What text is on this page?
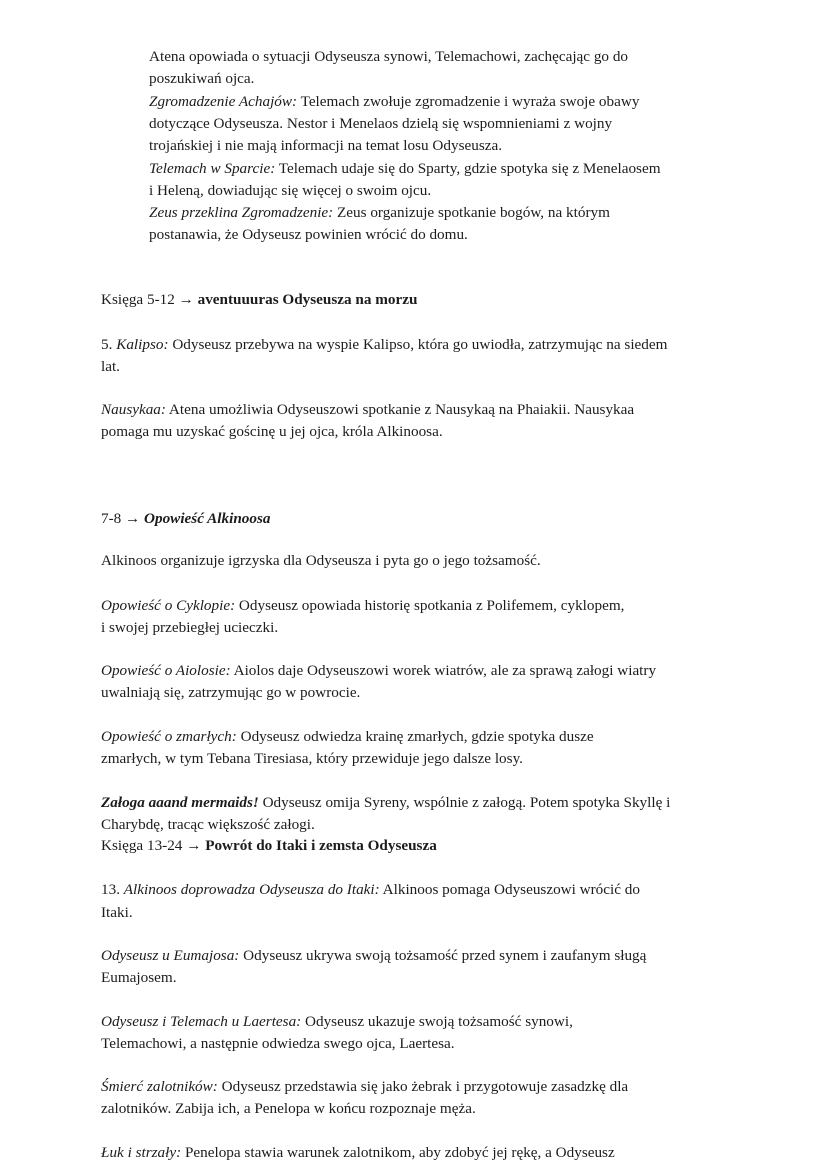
Atena opowiada o sytuacji Odyseusza synowi, Telemachowi, zachęcając go do
poszukiwań ojca.
Zgromadzenie Achajów: Telemach zwołuje zgromadzenie i wyraża swoje obawy
dotyczące Odyseusza. Nestor i Menelaos dzielą się wspomnieniami z wojny
trojańskiej i nie mają informacji na temat losu Odyseusza.
Telemach w Sparcie: Telemach udaje się do Sparty, gdzie spotyka się z Menelaosem
i Heleną, dowiadując się więcej o swoim ojcu.
Zeus przeklina Zgromadzenie: Zeus organizuje spotkanie bogów, na którym
postanawia, że Odyseusz powinien wrócić do domu.
Księga 5-12 → aventuuuras Odyseusza na morzu
5. Kalipso: Odyseusz przebywa na wyspie Kalipso, która go uwiodła, zatrzymując na siedem
lat.
Nausykaa: Atena umożliwia Odyseuszowi spotkanie z Nausykaą na Phaiakii. Nausykaa
pomaga mu uzyskać gościnę u jej ojca, króla Alkinoosa.
7-8 → Opowieść Alkinoosa
Alkinoos organizuje igrzyska dla Odyseusza i pyta go o jego tożsamość.
Opowieść o Cyklopie: Odyseusz opowiada historię spotkania z Polifemem, cyklopem,
i swojej przebiegłej ucieczki.
Opowieść o Aiolosie: Aiolos daje Odyseuszowi worek wiatrów, ale za sprawą załogi wiatry
uwalniają się, zatrzymując go w powrocie.
Opowieść o zmarłych: Odyseusz odwiedza krainę zmarłych, gdzie spotyka dusze
zmarłych, w tym Tebana Tiresiasa, który przewiduje jego dalsze losy.
Załoga aaand mermaids! Odyseusz omija Syreny, wspólnie z załogą. Potem spotyka Skyllę i
Charybdę, tracąc większość załogi.
Księga 13-24 → Powrót do Itaki i zemsta Odyseusza
13. Alkinoos doprowadza Odyseusza do Itaki: Alkinoos pomaga Odyseuszowi wrócić do
Itaki.
Odyseusz u Eumajosa: Odyseusz ukrywa swoją tożsamość przed synem i zaufanym sługą
Eumajosem.
Odyseusz i Telemach u Laertesa: Odyseusz ukazuje swoją tożsamość synowi,
Telemachowi, a następnie odwiedza swego ojca, Laertesa.
Śmierć zalotników: Odyseusz przedstawia się jako żebrak i przygotowuje zasadzkę dla
zalotników. Zabija ich, a Penelopa w końcu rozpoznaje męża.
Łuk i strzały: Penelopa stawia warunek zalotnikom, aby zdobyć jej rękę, a Odyseusz
